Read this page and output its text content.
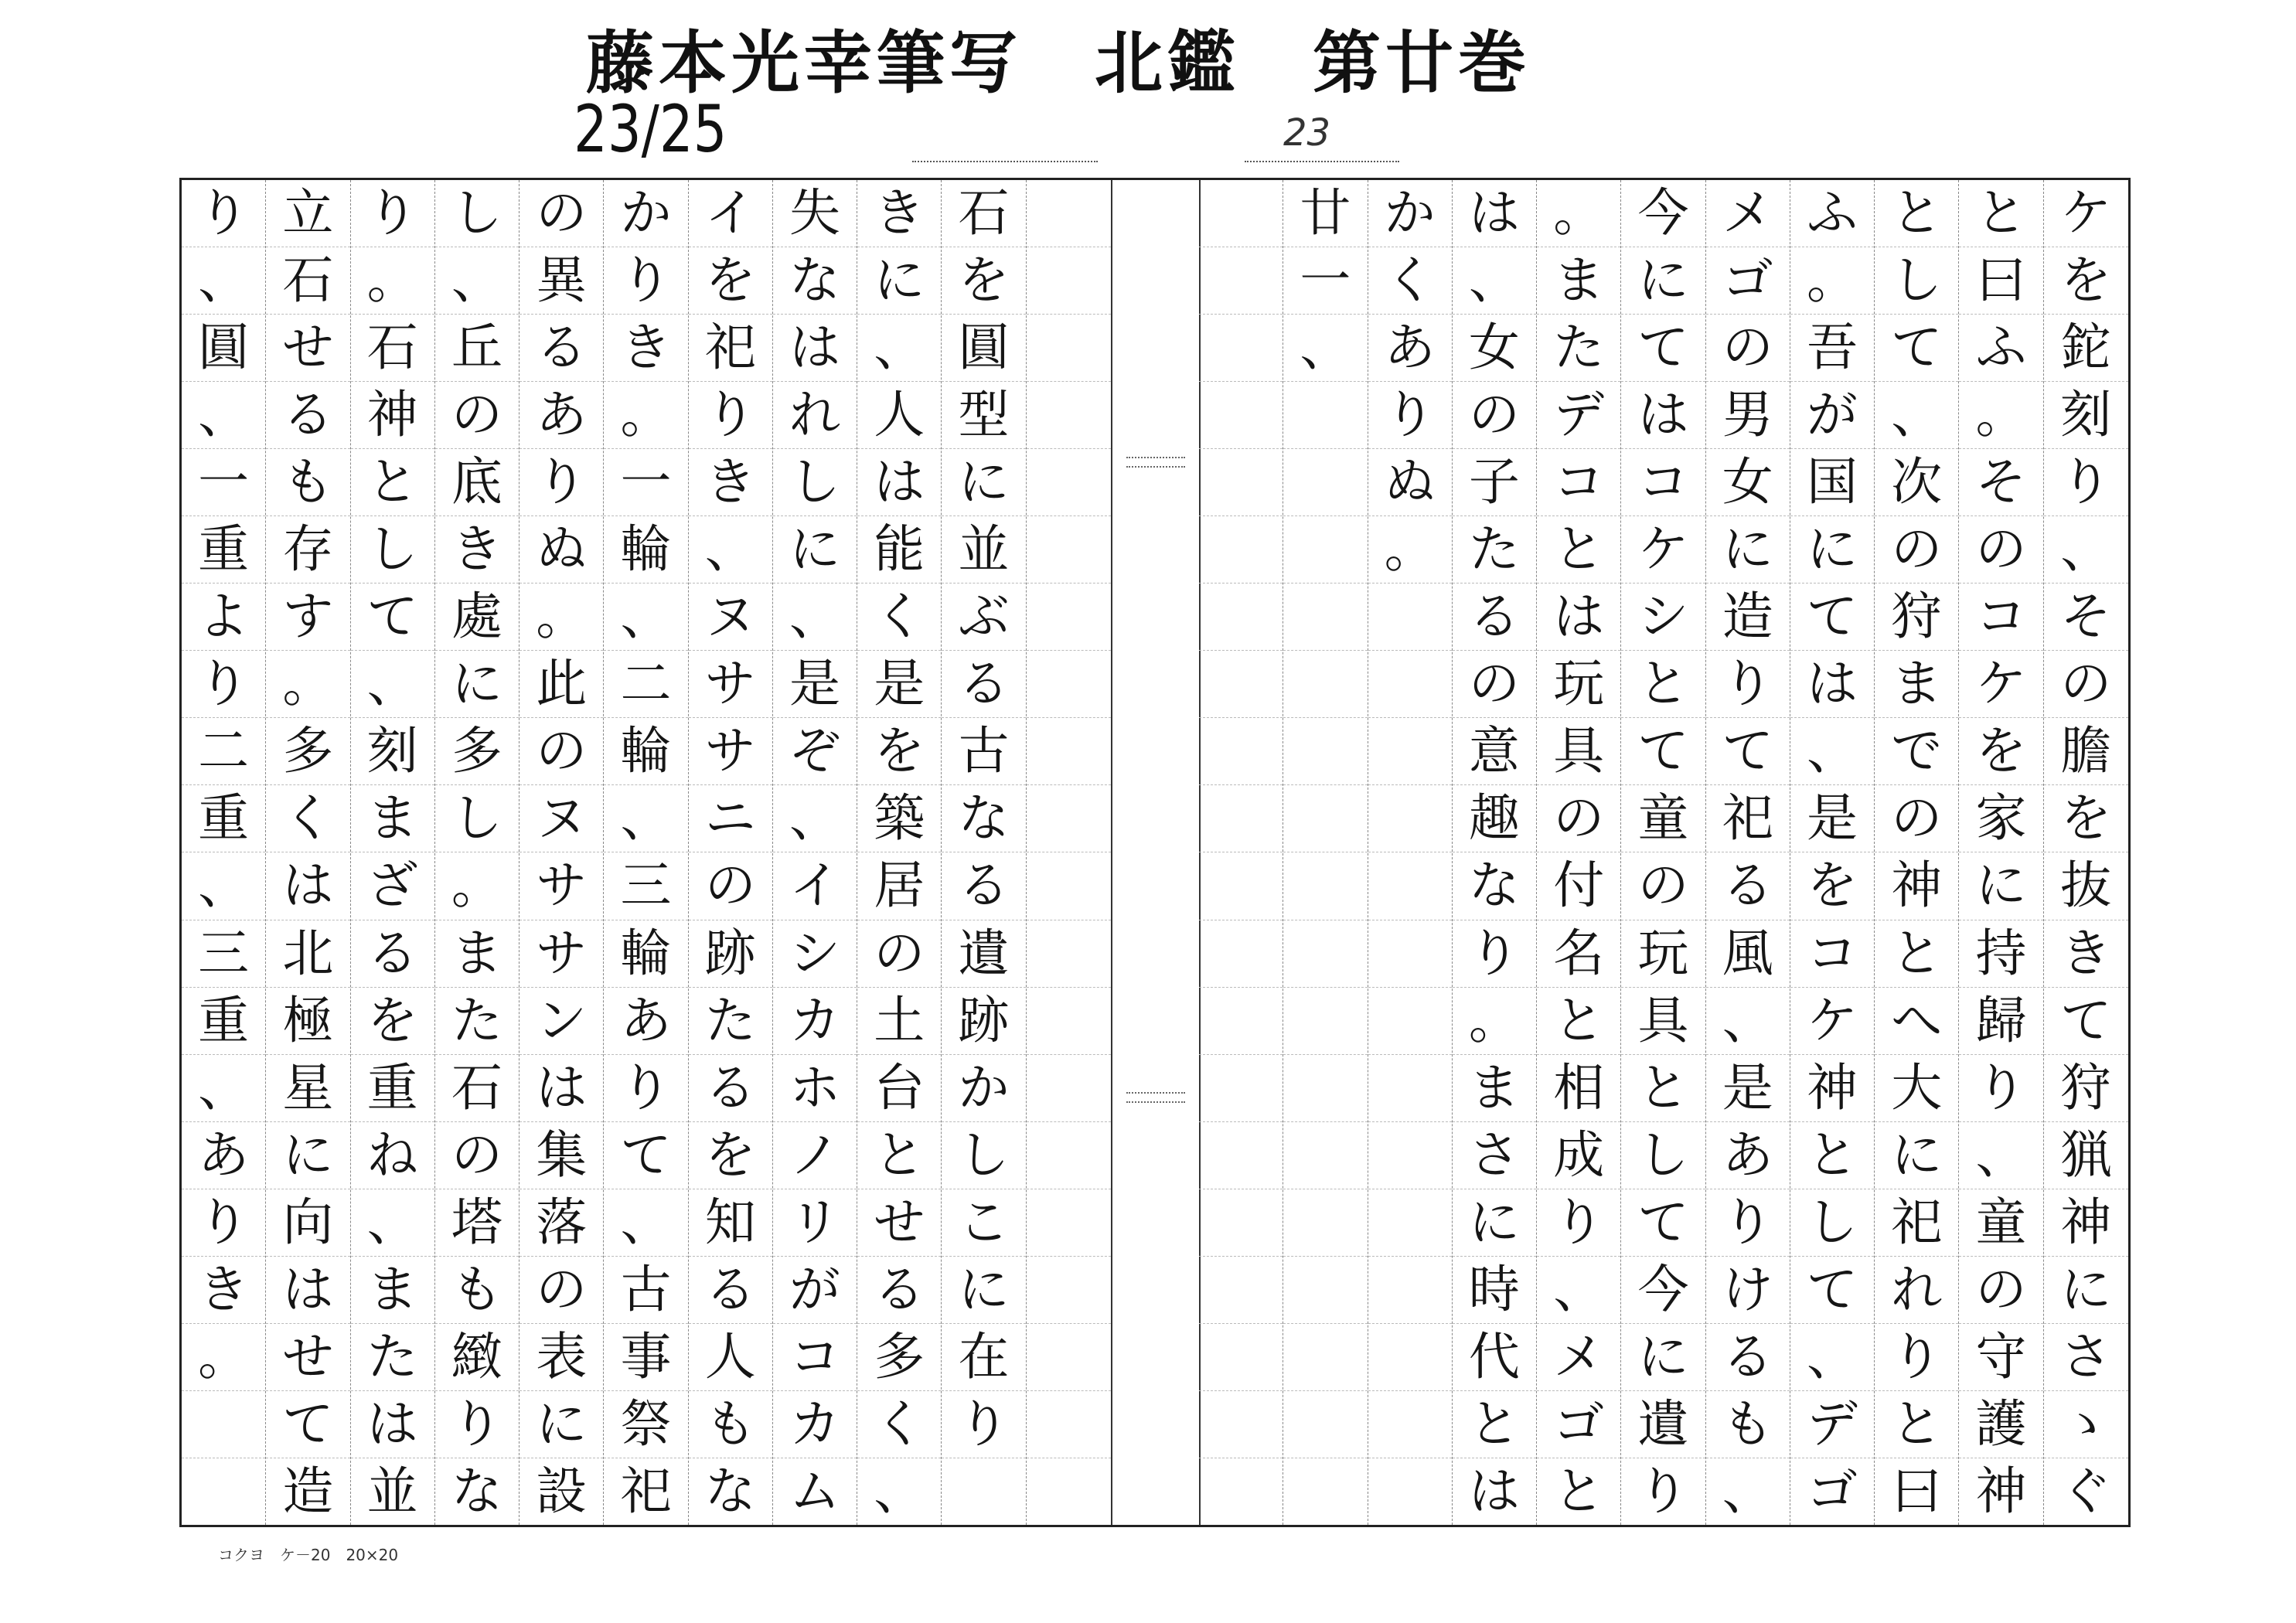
藤本光幸筆写　北鑑　第廿巻
23/25	23
り
、
圓
、
一
重
よ
り
二
重
、
三
重
、
あ
り
き
。
立
石
せ
る
も
存
す
。
多
く
は
北
極
星
に
向
は
せ
て
造
り
。
石
神
と
し
て
、
刻
ま
ざ
る
を
重
ね
、
ま
た
は
並
し
、
丘
の
底
き
處
に
多
し
。
ま
た
石
の
塔
も
緻
り
な
の
異
る
あ
り
ぬ
。
此
の
ヌ
サ
サ
ン
は
集
落
の
表
に
設
か
り
き
。
一
輪
、
二
輪
、
三
輪
あ
り
て
、
古
事
祭
祀
イ
を
祀
り
き
、
ヌ
サ
サ
ニ
の
跡
た
る
を
知
る
人
も
な
失
な
は
れ
し
に
、
是
ぞ
、
イ
シ
カ
ホ
ノ
リ
が
コ
カ
ム
き
に
、
人
は
能
く
是
を
築
居
の
土
台
と
せ
る
多
く
、
石
を
圓
型
に
並
ぶ
る
古
な
る
遺
跡
か
し
こ
に
在
り
廿
一
、
か
く
あ
り
ぬ
。
は
、
女
の
子
た
る
の
意
趣
な
り
。
ま
さ
に
時
代
と
は
。
ま
た
デ
コ
と
は
玩
具
の
付
名
と
相
成
り
、
メ
ゴ
と
今
に
て
は
コ
ケ
シ
と
て
童
の
玩
具
と
し
て
今
に
遺
り
メ
ゴ
の
男
女
に
造
り
て
祀
る
風
、
是
あ
り
け
る
も
、
ふ
。
吾
が
国
に
て
は
、
是
を
コ
ケ
神
と
し
て
、
デ
ゴ
と
し
て
、
次
の
狩
ま
で
の
神
と
へ
大
に
祀
れ
り
と
曰
と
曰
ふ
。
そ
の
コ
ケ
を
家
に
持
歸
り
、
童
の
守
護
神
ケ
を
鉈
刻
り
、
そ
の
膽
を
抜
き
て
狩
猟
神
に
さ
ゝ
ぐ
コクヨ　ケ－20　20×20
